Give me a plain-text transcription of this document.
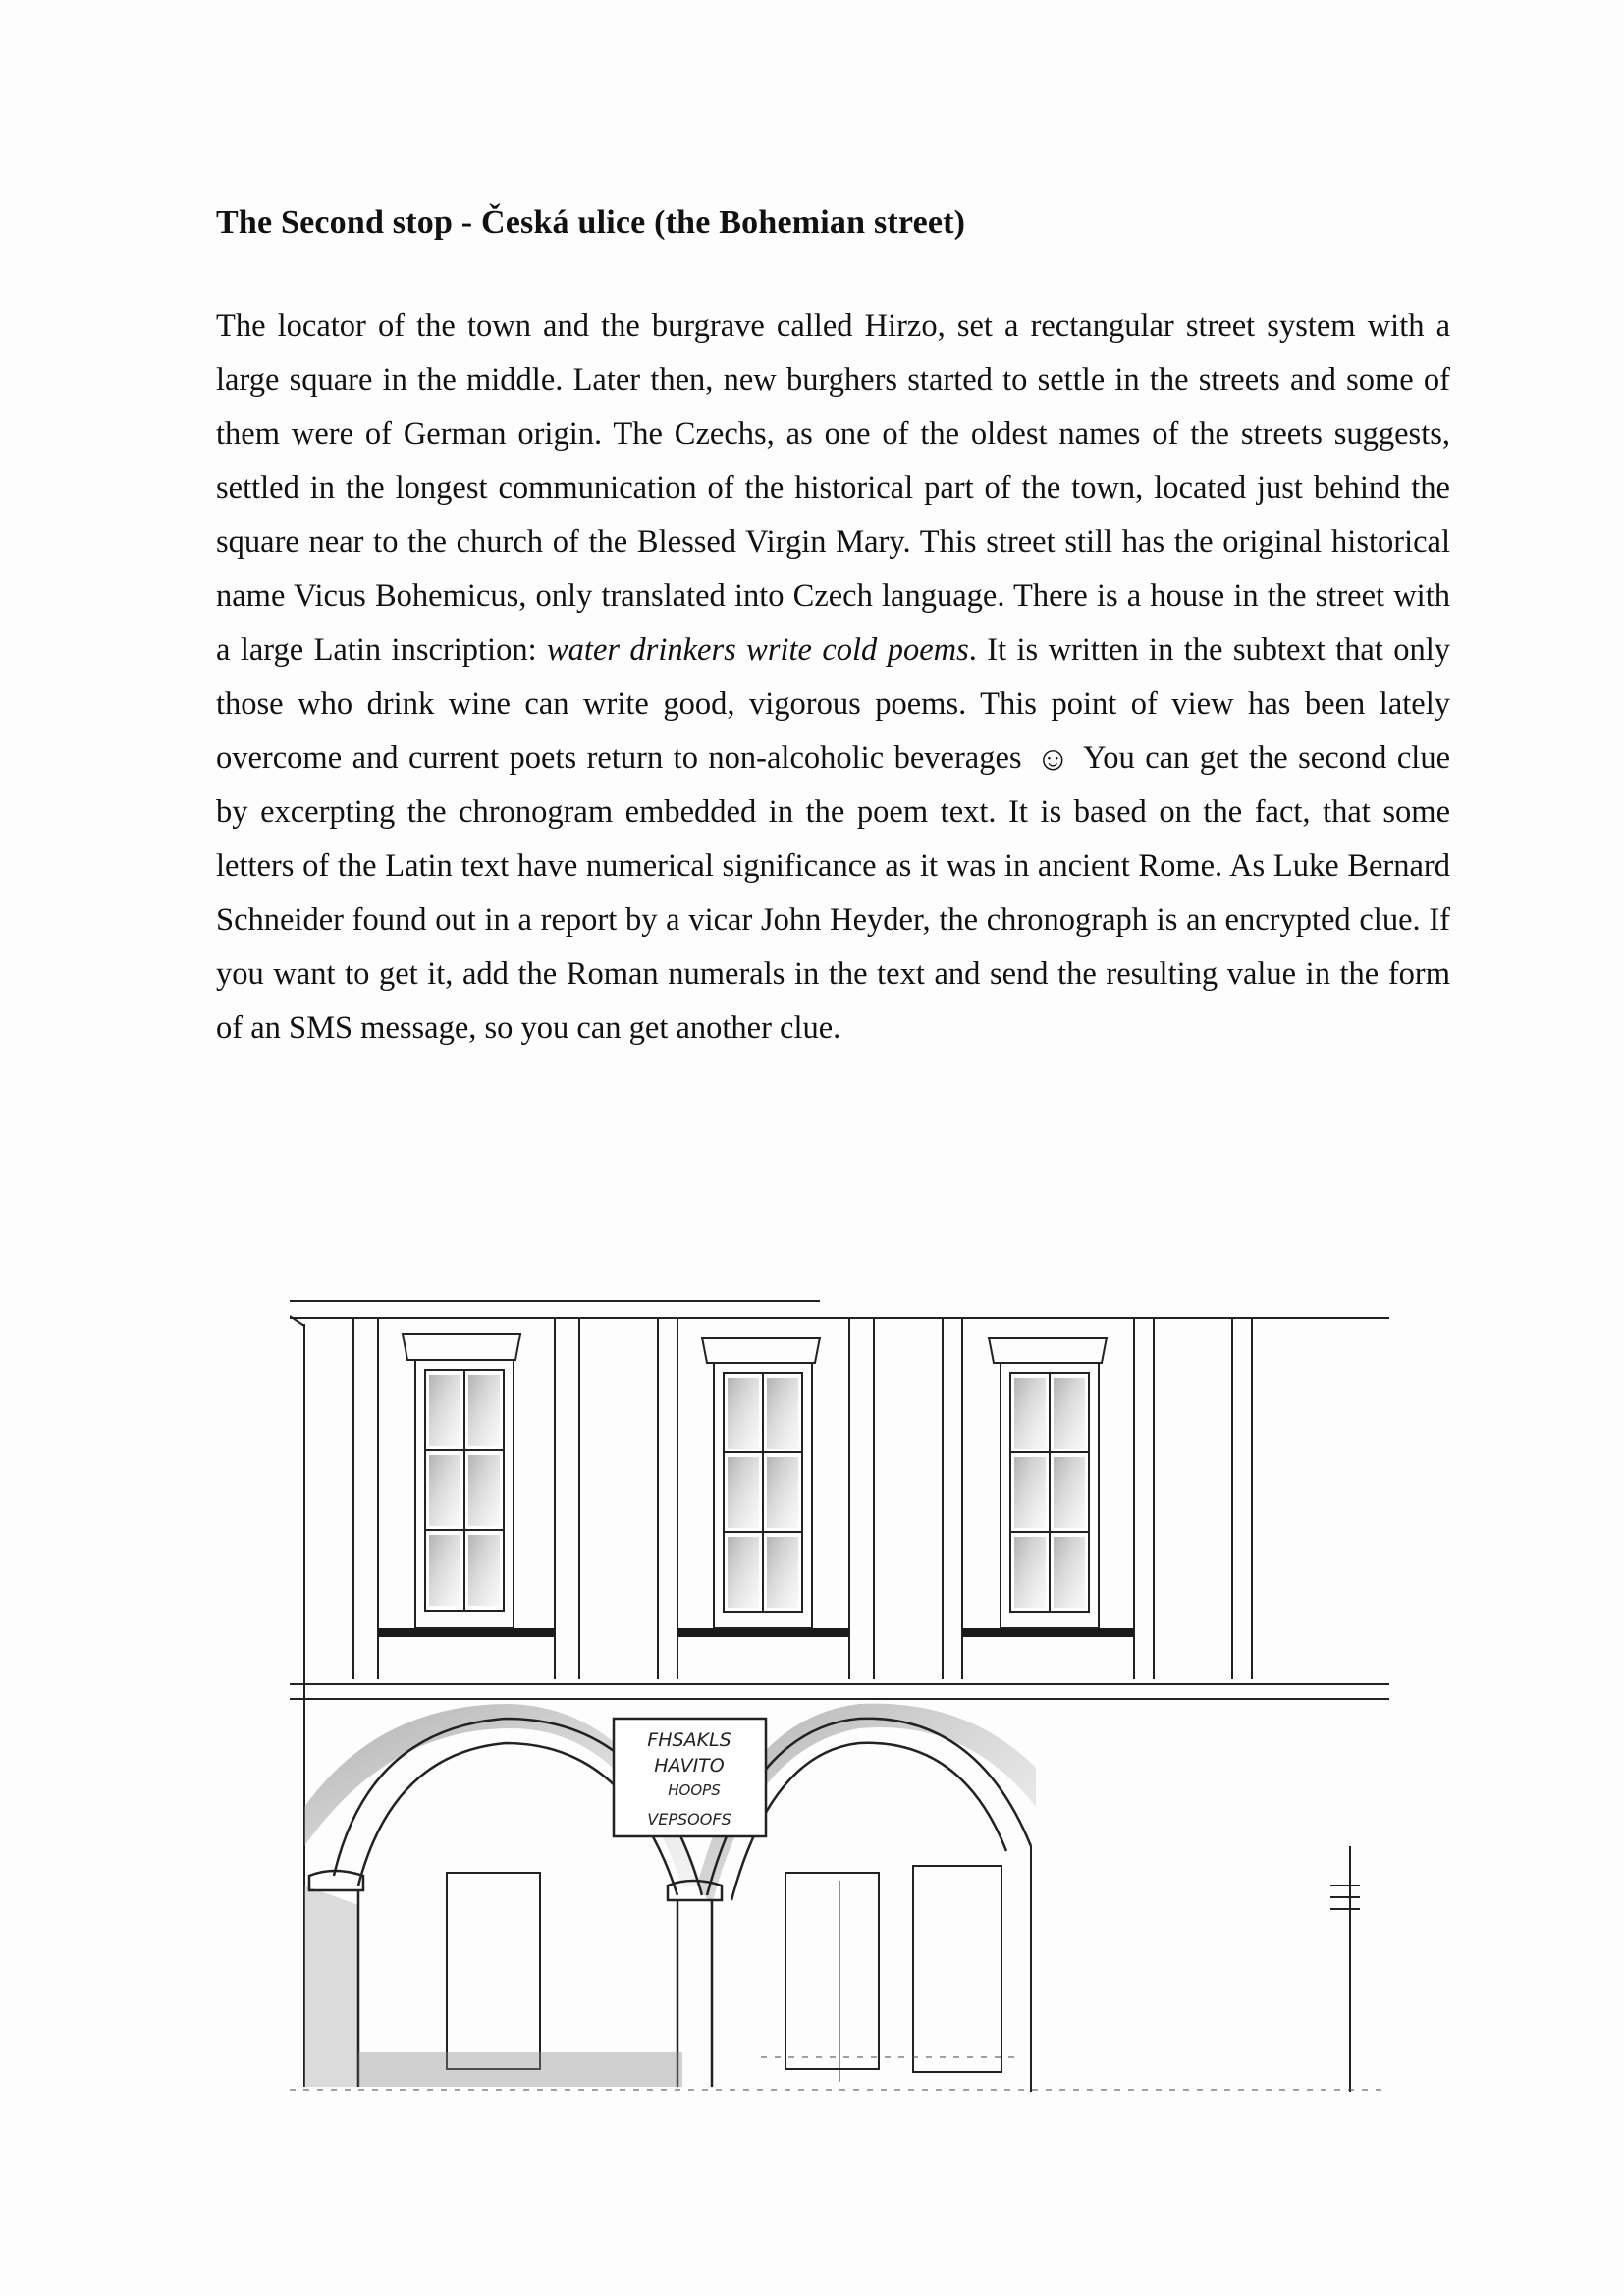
The Second stop - Česká ulice (the Bohemian street)
The locator of the town and the burgrave called Hirzo, set a rectangular street system with a large square in the middle. Later then, new burghers started to settle in the streets and some of them were of German origin. The Czechs, as one of the oldest names of the streets suggests, settled in the longest communication of the historical part of the town, located just behind the square near to the church of the Blessed Virgin Mary. This street still has the original historical name Vicus Bohemicus, only translated into Czech language. There is a house in the street with a large Latin inscription: water drinkers write cold poems. It is written in the subtext that only those who drink wine can write good, vigorous poems. This point of view has been lately overcome and current poets return to non-alcoholic beverages ☺ You can get the second clue by excerpting the chronogram embedded in the poem text. It is based on the fact, that some letters of the Latin text have numerical significance as it was in ancient Rome. As Luke Bernard Schneider found out in a report by a vicar John Heyder, the chronograph is an encrypted clue. If you want to get it, add the Roman numerals in the text and send the resulting value in the form of an SMS message, so you can get another clue.
FHSAKLS
HAVITO
HOOPS
VEPSOOFS
